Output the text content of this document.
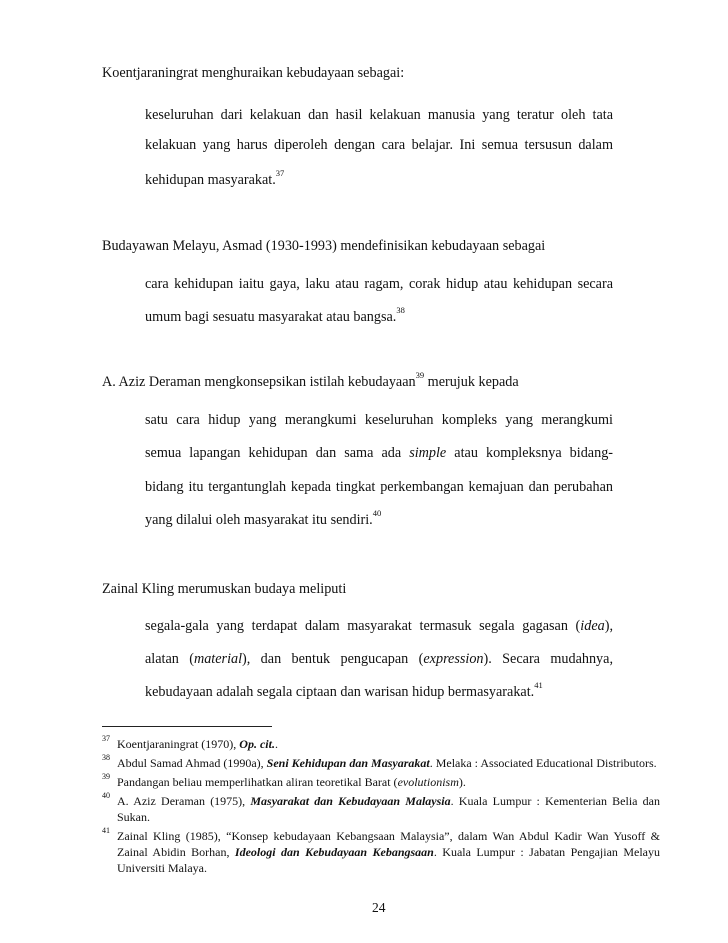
Koentjaraningrat menghuraikan kebudayaan sebagai:
keseluruhan dari kelakuan dan hasil kelakuan manusia yang teratur oleh tata
kelakuan yang harus diperoleh dengan cara belajar. Ini semua tersusun dalam
kehidupan masyarakat.$^{37}$
Budayawan Melayu, Asmad (1930-1993) mendefinisikan kebudayaan sebagai
cara kehidupan iaitu gaya, laku atau ragam, corak hidup atau kehidupan secara
umum bagi sesuatu masyarakat atau bangsa.$^{38}$
A. Aziz Deraman mengkonsepsikan istilah kebudayaan$^{39}$ merujuk kepada
satu cara hidup yang merangkumi keseluruhan kompleks yang merangkumi
semua lapangan kehidupan dan sama ada simple atau kompleksnya bidang-
bidang itu tergantunglah kepada tingkat perkembangan kemajuan dan perubahan
yang dilalui oleh masyarakat itu sendiri.$^{40}$
Zainal Kling merumuskan budaya meliputi
segala-gala yang terdapat dalam masyarakat termasuk segala gagasan (idea),
alatan (material), dan bentuk pengucapan (expression). Secara mudahnya,
kebudayaan adalah segala ciptaan dan warisan hidup bermasyarakat.$^{41}$
37 Koentjaraningrat (1970), Op. cit..
38 Abdul Samad Ahmad (1990a), Seni Kehidupan dan Masyarakat. Melaka : Associated Educational Distributors.
39 Pandangan beliau memperlihatkan aliran teoretikal Barat (evolutionism).
40 A. Aziz Deraman (1975), Masyarakat dan Kebudayaan Malaysia. Kuala Lumpur : Kementerian Belia dan Sukan.
41 Zainal Kling (1985), “Konsep kebudayaan Kebangsaan Malaysia”, dalam Wan Abdul Kadir Wan Yusoff & Zainal Abidin Borhan, Ideologi dan Kebudayaan Kebangsaan. Kuala Lumpur : Jabatan Pengajian Melayu Universiti Malaya.
24
